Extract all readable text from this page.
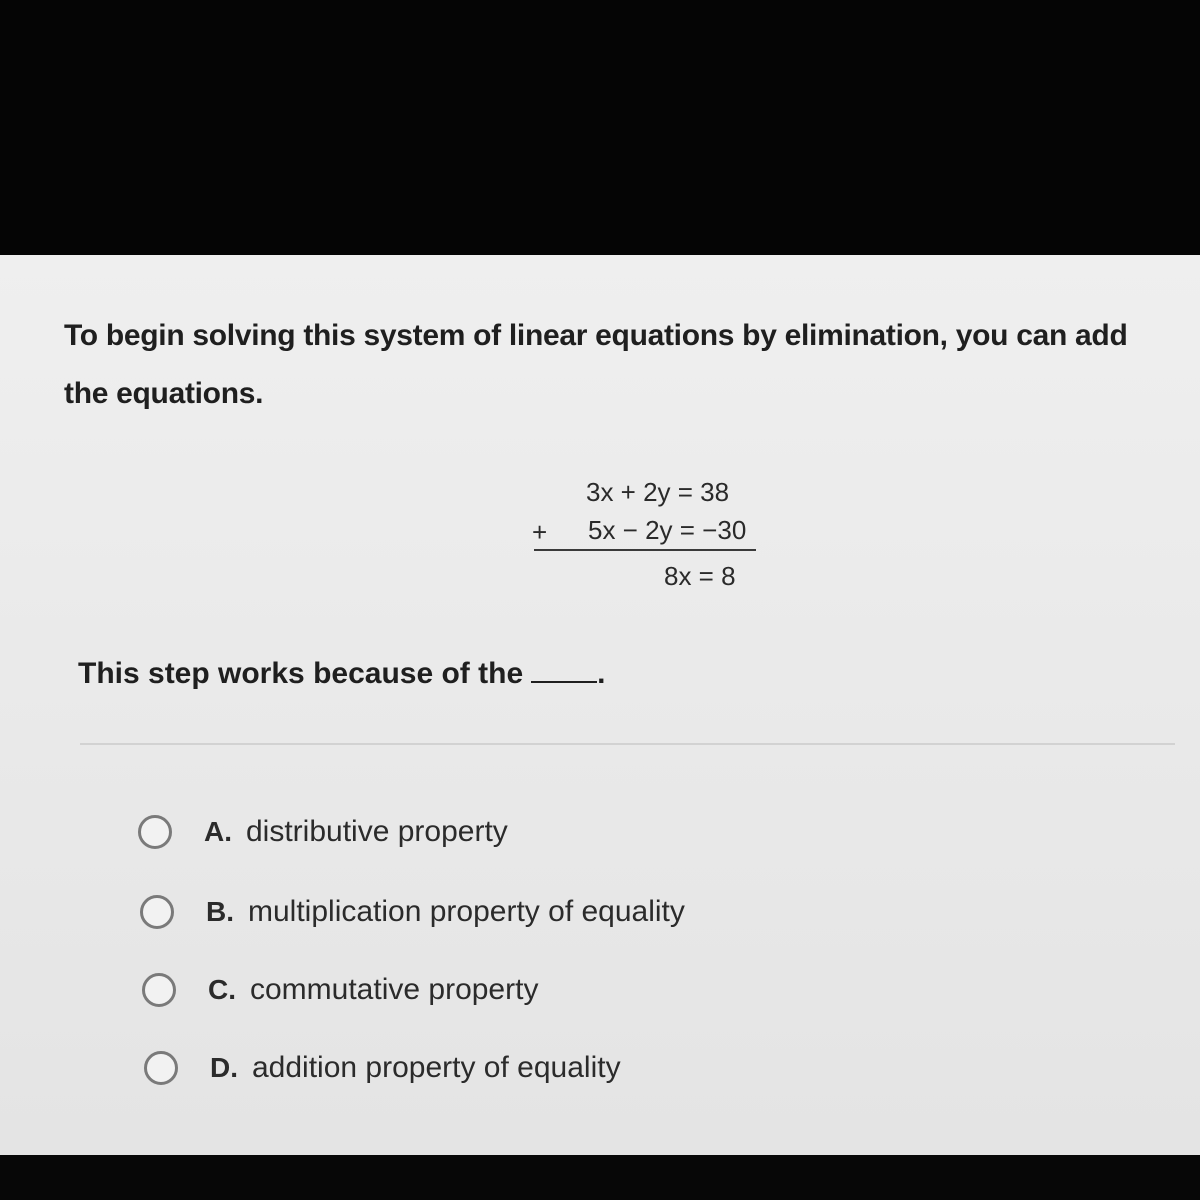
To begin solving this system of linear equations by elimination, you can add the equations.
3x + 2y = 38
+ 5x − 2y = −30
8x = 8
This step works because of the .
A. distributive property
B. multiplication property of equality
C. commutative property
D. addition property of equality
